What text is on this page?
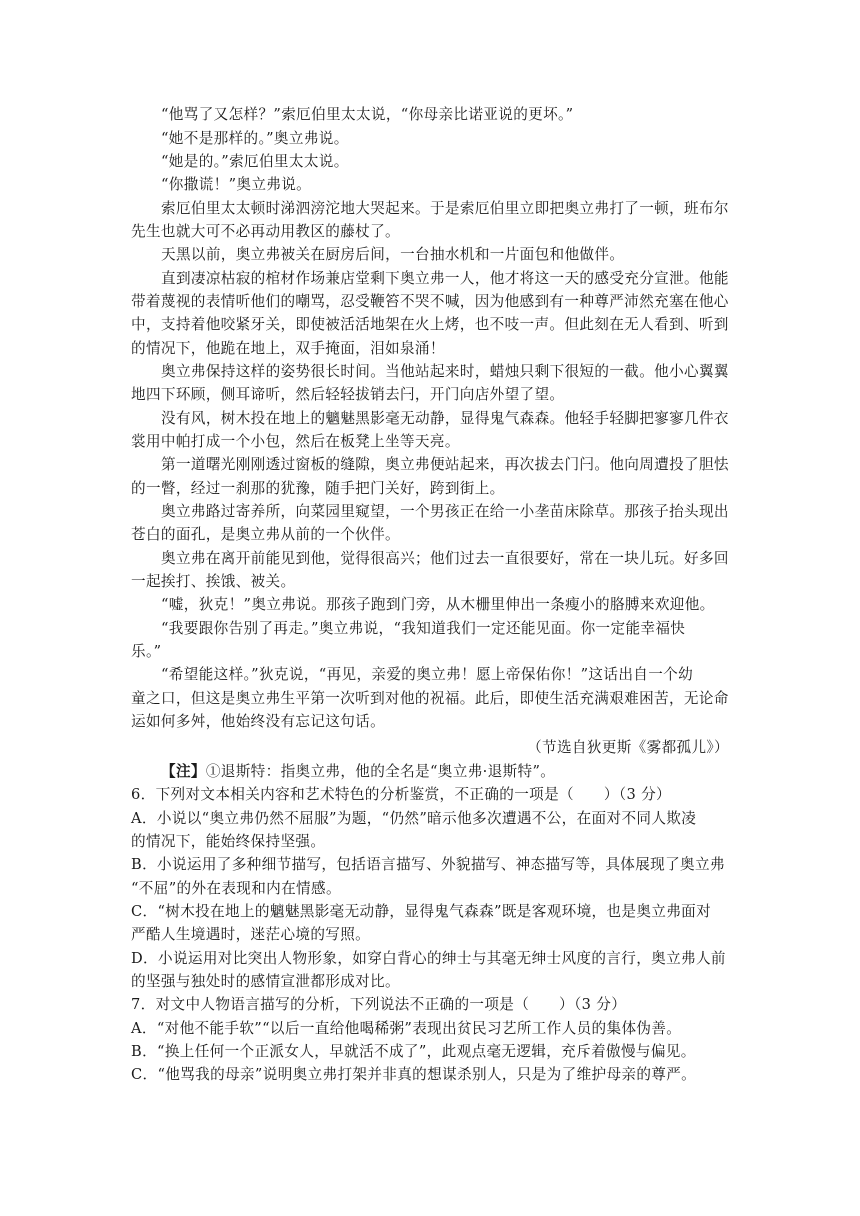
“他骂了又怎样？”索厄伯里太太说，“你母亲比诺亚说的更坏。”
“她不是那样的。”奥立弗说。
“她是的。”索厄伯里太太说。
“你撒谎！”奥立弗说。
索厄伯里太太顿时涕泗滂沱地大哭起来。于是索厄伯里立即把奥立弗打了一顿，班布尔
先生也就大可不必再动用教区的藤杖了。
天黑以前，奥立弗被关在厨房后间，一台抽水机和一片面包和他做伴。
直到凄凉枯寂的棺材作场兼店堂剩下奥立弗一人，他才将这一天的感受充分宣泄。他能
带着蔑视的表情听他们的嘲骂，忍受鞭笞不哭不喊，因为他感到有一种尊严沛然充塞在他心
中，支持着他咬紧牙关，即使被活活地架在火上烤，也不吱一声。但此刻在无人看到、听到
的情况下，他跪在地上，双手掩面，泪如泉涌！
奥立弗保持这样的姿势很长时间。当他站起来时，蜡烛只剩下很短的一截。他小心翼翼
地四下环顾，侧耳谛听，然后轻轻拔销去闩，开门向店外望了望。
没有风，树木投在地上的魑魅黑影毫无动静，显得鬼气森森。他轻手轻脚把寥寥几件衣
裳用中帕打成一个小包，然后在板凳上坐等天亮。
第一道曙光刚刚透过窗板的缝隙，奥立弗便站起来，再次拔去门闩。他向周遭投了胆怯
的一瞥，经过一刹那的犹豫，随手把门关好，跨到街上。
奥立弗路过寄养所，向菜园里窥望，一个男孩正在给一小垄苗床除草。那孩子抬头现出
苍白的面孔，是奥立弗从前的一个伙伴。
奥立弗在离开前能见到他，觉得很高兴；他们过去一直很要好，常在一块儿玩。好多回
一起挨打、挨饿、被关。
“嘘，狄克！”奥立弗说。那孩子跑到门旁，从木栅里伸出一条瘦小的胳膊来欢迎他。
“我要跟你告别了再走。”奥立弗说，“我知道我们一定还能见面。你一定能幸福快
乐。”
“希望能这样。”狄克说，“再见，亲爱的奥立弗！愿上帝保佑你！”这话出自一个幼
童之口，但这是奥立弗生平第一次听到对他的祝福。此后，即使生活充满艰难困苦，无论命
运如何多舛，他始终没有忘记这句话。
（节选自狄更斯《雾都孤儿》）
【注】①退斯特：指奥立弗，他的全名是“奥立弗·退斯特”。
6．下列对文本相关内容和艺术特色的分析鉴赏，不正确的一项是（　　）（3 分）
A．小说以“奥立弗仍然不屈服”为题，“仍然”暗示他多次遭遇不公，在面对不同人欺凌
的情况下，能始终保持坚强。
B．小说运用了多种细节描写，包括语言描写、外貌描写、神态描写等，具体展现了奥立弗
“不屈”的外在表现和内在情感。
C．“树木投在地上的魑魅黑影毫无动静，显得鬼气森森”既是客观环境，也是奥立弗面对
严酷人生境遇时，迷茫心境的写照。
D．小说运用对比突出人物形象，如穿白背心的绅士与其毫无绅士风度的言行，奥立弗人前
的坚强与独处时的感情宣泄都形成对比。
7．对文中人物语言描写的分析，下列说法不正确的一项是（　　）（3 分）
A．“对他不能手软”“以后一直给他喝稀粥”表现出贫民习艺所工作人员的集体伪善。
B．“换上任何一个正派女人，早就活不成了”，此观点毫无逻辑，充斥着傲慢与偏见。
C．“他骂我的母亲”说明奥立弗打架并非真的想谋杀别人，只是为了维护母亲的尊严。
